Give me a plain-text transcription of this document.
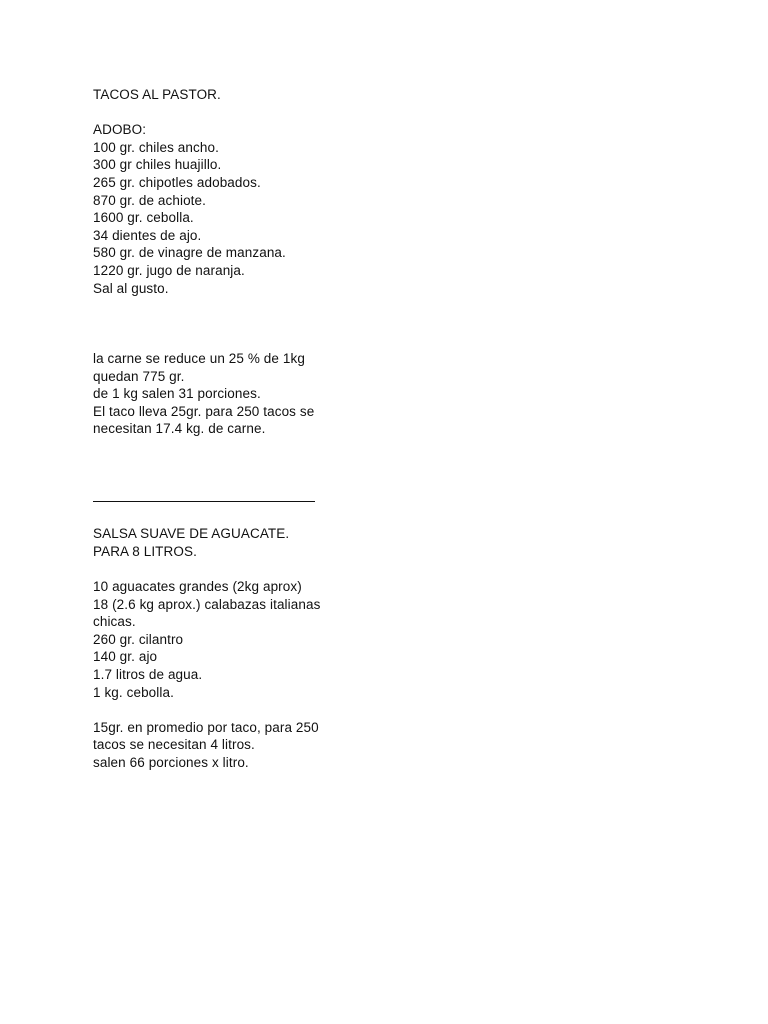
TACOS AL PASTOR.
ADOBO:
100 gr. chiles ancho.
300 gr chiles huajillo.
265 gr. chipotles adobados.
870 gr. de achiote.
1600 gr. cebolla.
34 dientes de ajo.
580 gr. de vinagre de manzana.
1220 gr. jugo de naranja.
Sal al gusto.
la carne se reduce un 25 % de 1kg
quedan 775 gr.
de 1 kg salen 31 porciones.
El taco lleva 25gr. para 250 tacos se
necesitan 17.4 kg. de carne.
SALSA SUAVE DE AGUACATE.
PARA 8 LITROS.
10 aguacates grandes (2kg aprox)
18 (2.6 kg aprox.) calabazas italianas
chicas.
260 gr. cilantro
140 gr. ajo
1.7 litros de agua.
1 kg. cebolla.
15gr. en promedio por taco, para 250
tacos se necesitan 4 litros.
salen 66 porciones x litro.
